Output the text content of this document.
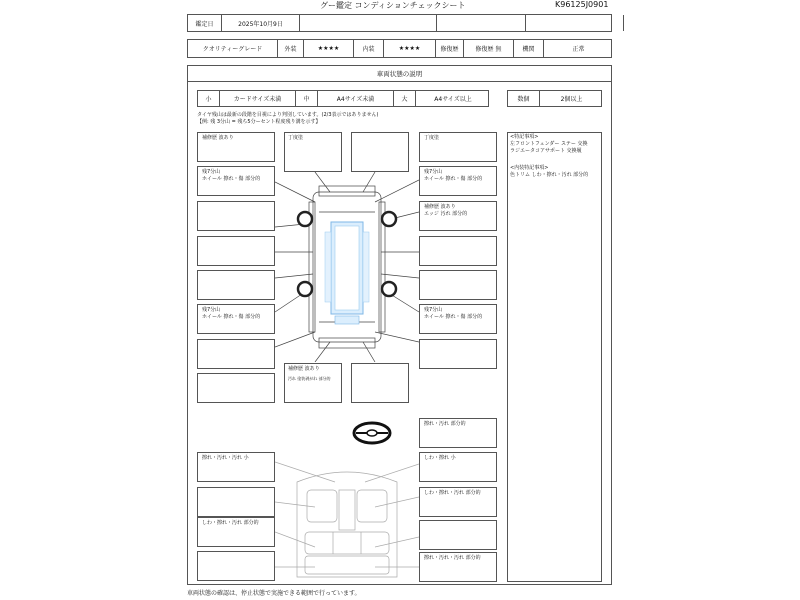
グー鑑定 コンディションチェックシート	K96125J0901
鑑定日	2025年10月9日
クオリティーグレード	外装	★★★★	内装	★★★★	修復歴	修復歴 無	機関	正常
車両状態の説明
小	カードサイズ未満	中	A4サイズ未満	大	A4サイズ以上	数個	2個以上
タイヤ残山は最新の段階を目視により判別しています。(2/3表示ではありません)
【例: 残 3分山 = 残ち5分ーセント程度残り溝を示す】
<特記事項>
左フロントフェンダー ステー 交換
ラジエータコアサポート 交換履
<内装特記事項>
色トリム しわ・擦れ・汚れ 部分的
補修歴 波あり
残7分山
ホイール 擦れ・傷 部分的
残7分山
ホイール 擦れ・傷 部分的
丁度塗	丁度塗
残7分山
ホイール 擦れ・傷 部分的
補修歴 波あり
エッジ 汚れ 部分的
残7分山
ホイール 擦れ・傷 部分的
補修歴 波あり
汚れ 塗装剥がれ 部分的
擦れ・汚れ 部分的
擦れ・汚れ・汚れ 小	しわ・擦れ 小
しわ・擦れ・汚れ 部分的
しわ・擦れ・汚れ 部分的
擦れ・汚れ・汚れ 部分的
車両状態の確認は、停止状態で実施できる範囲で行っています。
